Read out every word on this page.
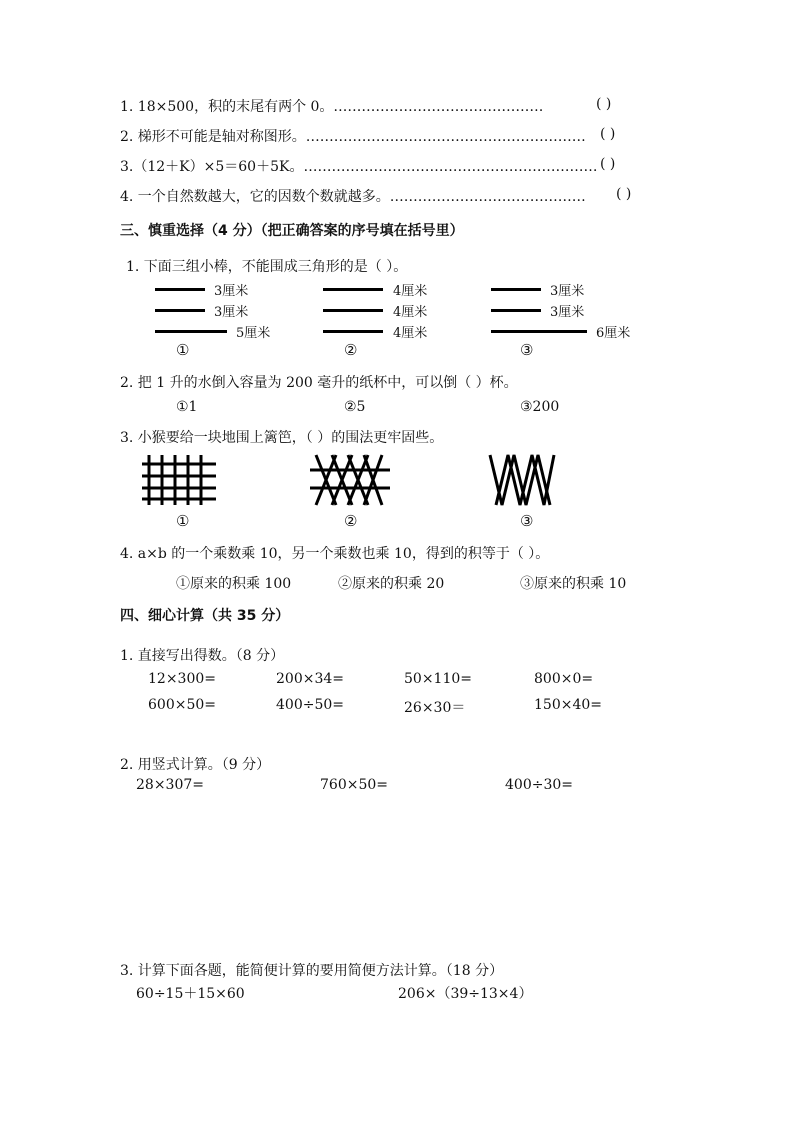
1. 18×500，积的末尾有两个 0。………………………………………	( )
2. 梯形不可能是轴对称图形。…………………………………………………… ( )
3.（12＋K）×5＝60＋5K。……………………………………………………… ( )
4. 一个自然数越大，它的因数个数就越多。…………………………………… ( )
三、慎重选择（4 分）（把正确答案的序号填在括号里）
1. 下面三组小棒，不能围成三角形的是（ ）。
3厘米
3厘米
5厘米
①
4厘米
4厘米
4厘米
②
3厘米
3厘米
6厘米
③
2. 把 1 升的水倒入容量为 200 毫升的纸杯中，可以倒（ ）杯。
①1	②5	③200
3. 小猴要给一块地围上篱笆，（ ）的围法更牢固些。
①	②	③
4. a×b 的一个乘数乘 10，另一个乘数也乘 10，得到的积等于（ ）。
①原来的积乘 100	②原来的积乘 20	③原来的积乘 10
四、细心计算（共 35 分）
1. 直接写出得数。（8 分）
12×300=	200×34=	50×110=	800×0=
600×50=	400÷50=	26×30＝	150×40=
2. 用竖式计算。（9 分）
28×307=	760×50=	400÷30=
3. 计算下面各题，能简便计算的要用简便方法计算。（18 分）
60÷15＋15×60	206×（39÷13×4）
